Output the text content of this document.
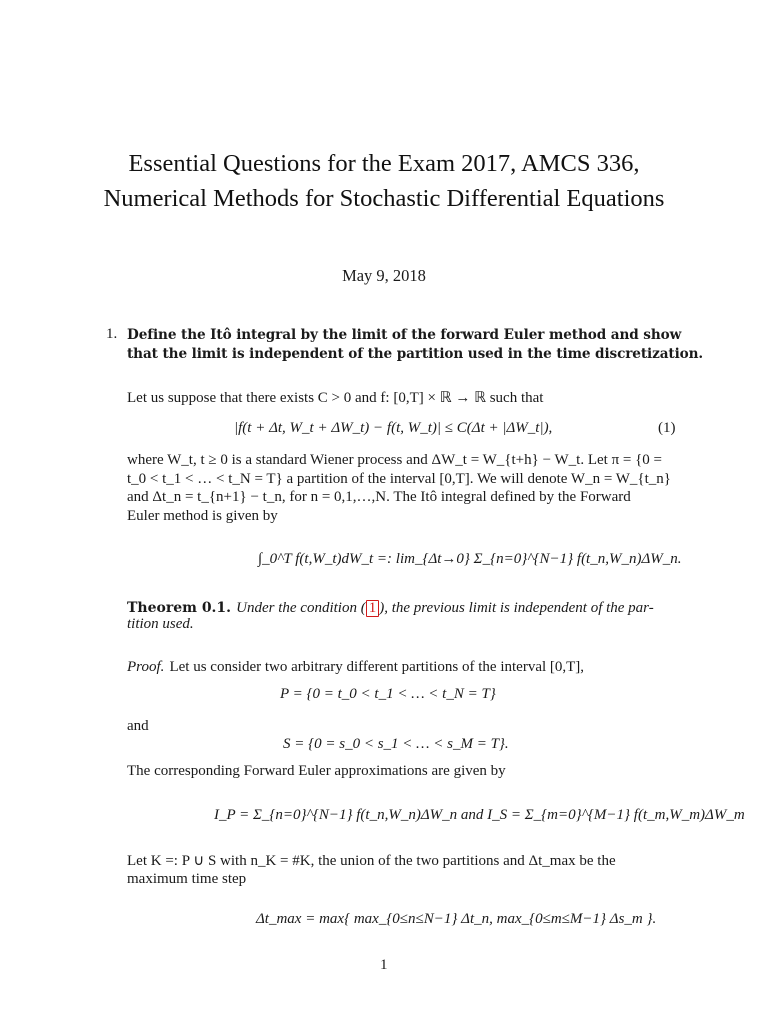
Essential Questions for the Exam 2017, AMCS 336,
Numerical Methods for Stochastic Differential Equations
May 9, 2018
1. Define the Itô integral by the limit of the forward Euler method and show
that the limit is independent of the partition used in the time discretization.
Let us suppose that there exists C > 0 and f: [0,T] × ℝ → ℝ such that
|f(t + Δt, W_t + ΔW_t) − f(t, W_t)| ≤ C(Δt + |ΔW_t|),	(1)
where W_t, t ≥ 0 is a standard Wiener process and ΔW_t = W_{t+h} − W_t. Let π = {0 =
t_0 < t_1 < … < t_N = T} a partition of the interval [0,T]. We will denote W_n = W_{t_n}
and Δt_n = t_{n+1} − t_n, for n = 0,1,…,N. The Itô integral defined by the Forward
Euler method is given by
∫_0^T f(t,W_t)dW_t =: lim_{Δt→0} Σ_{n=0}^{N−1} f(t_n,W_n)ΔW_n.
Theorem 0.1. Under the condition ( 1 ), the previous limit is independent of the par-
tition used.
Proof. Let us consider two arbitrary different partitions of the interval [0,T],
P = {0 = t_0 < t_1 < … < t_N = T}
and
S = {0 = s_0 < s_1 < … < s_M = T}.
The corresponding Forward Euler approximations are given by
I_P = Σ_{n=0}^{N−1} f(t_n,W_n)ΔW_n and I_S = Σ_{m=0}^{M−1} f(t_m,W_m)ΔW_m
Let K =: P ∪ S with n_K = #K, the union of the two partitions and Δt_max be the
maximum time step
Δt_max = max{ max_{0≤n≤N−1} Δt_n, max_{0≤m≤M−1} Δs_m }.
1
